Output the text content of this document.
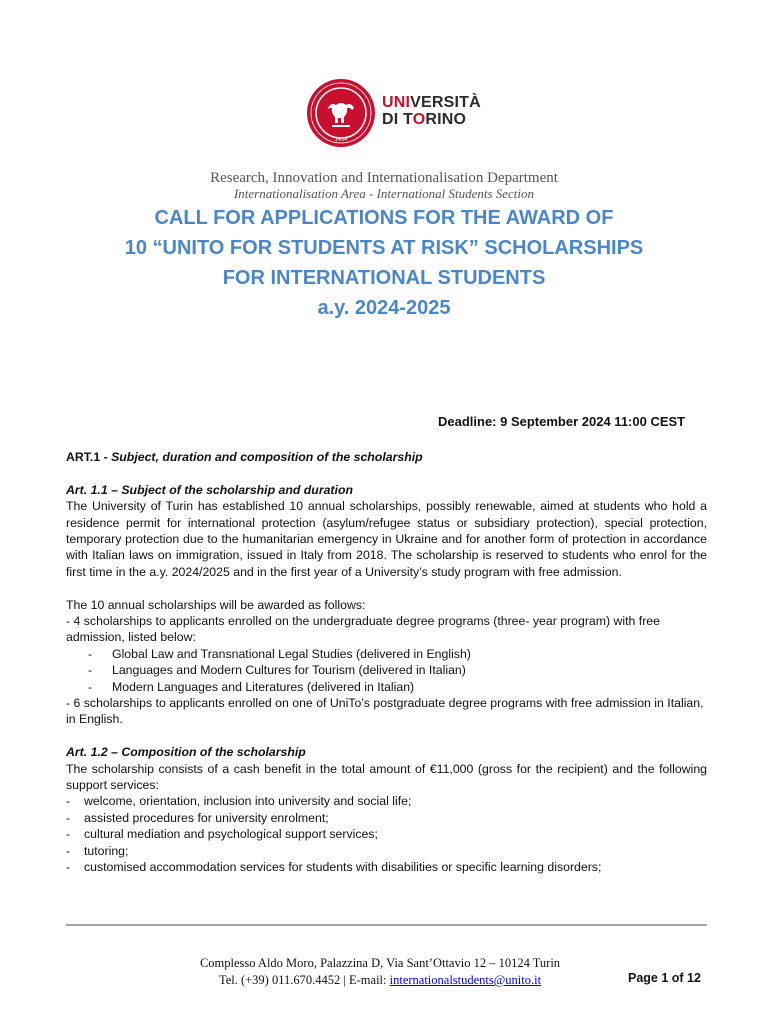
1404
UNIVERSITÀ
DI TORINO
Research, Innovation and Internationalisation Department
Internationalisation Area - International Students Section
CALL FOR APPLICATIONS FOR THE AWARD OF
10 “UNITO FOR STUDENTS AT RISK” SCHOLARSHIPS
FOR INTERNATIONAL STUDENTS
a.y. 2024-2025
Deadline: 9 September 2024 11:00 CEST

ART.1 - Subject, duration and composition of the scholarship

Art. 1.1 – Subject of the scholarship and duration

The University of Turin has established 10 annual scholarships, possibly renewable, aimed at students who hold a residence permit for international protection (asylum/refugee status or subsidiary protection), special protection, temporary protection due to the humanitarian emergency in Ukraine and for another form of protection in accordance with Italian laws on immigration, issued in Italy from 2018. The scholarship is reserved to students who enrol for the first time in the a.y. 2024/2025 and in the first year of a University’s study program with free admission.

The 10 annual scholarships will be awarded as follows:

- 4 scholarships to applicants enrolled on the undergraduate degree programs (three- year program) with free admission, listed below:

- Global Law and Transnational Legal Studies (delivered in English)
- Languages and Modern Cultures for Tourism (delivered in Italian)
- Modern Languages and Literatures (delivered in Italian)

- 6 scholarships to applicants enrolled on one of UniTo’s postgraduate degree programs with free admission in Italian, in English.

Art. 1.2 – Composition of the scholarship

The scholarship consists of a cash benefit in the total amount of €11,000 (gross for the recipient) and the following support services:

- welcome, orientation, inclusion into university and social life;
- assisted procedures for university enrolment;
- cultural mediation and psychological support services;
- tutoring;
- customised accommodation services for students with disabilities or specific learning disorders;
Complesso Aldo Moro, Palazzina D, Via Sant’Ottavio 12 – 10124 Turin
Tel. (+39) 011.670.4452 | E-mail: internationalstudents@unito.it	Page 1 of 12
